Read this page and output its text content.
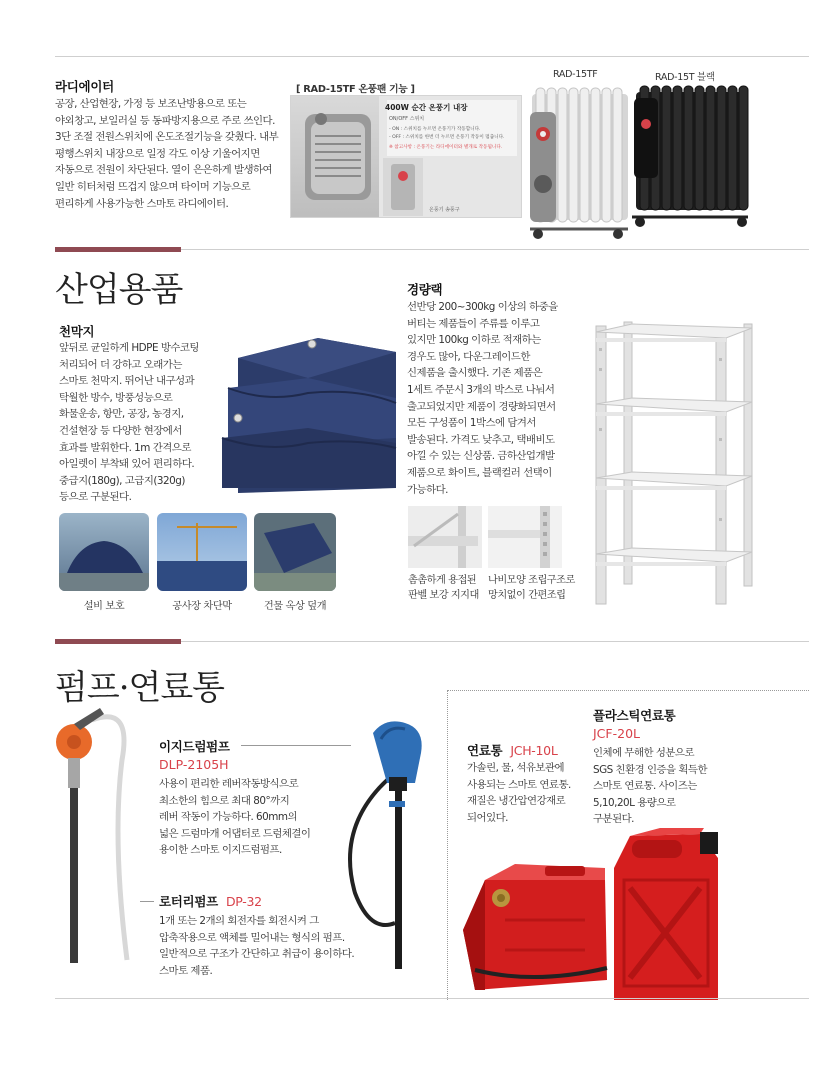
라디에이터
공장, 산업현장, 가정 등 보조난방용으로 또는
야외창고, 보일러실 등 동파방지용으로 주로 쓰인다.
3단 조절 전원스위치에 온도조절기능을 갖췄다. 내부
평행스위치 내장으로 일정 각도 이상 기울어지면
자동으로 전원이 차단된다. 열이 은은하게 발생하여
일반 히터처럼 뜨겁지 않으며 타이머 기능으로
편리하게 사용가능한 스마토 라디에이터.
[ RAD-15TF 온풍팬 기능 ]
400W 순간 온풍기 내장
ON/OFF 스위치
- ON : 스위치를 누르면 온풍기가 작동합니다.
- OFF : 스위치를 한번 더 누르면 온풍기 작동이 멈춥니다.
※ 참고사항 : 온풍기는 라디에이터와 별개로 작동됩니다.
온풍기 송풍구
RAD-15TF	RAD-15T 블랙
산업용품
천막지
앞뒤로 균일하게 HDPE 방수코팅
처리되어 더 강하고 오래가는
스마토 천막지. 뛰어난 내구성과
탁월한 방수, 방풍성능으로
화물운송, 항만, 공장, 농경지,
건설현장 등 다양한 현장에서
효과를 발휘한다. 1m 간격으로
아일렛이 부착돼 있어 편리하다.
중급지(180g), 고급지(320g)
등으로 구분된다.
설비 보호	공사장 차단막	건물 옥상 덮개
경량랙
선반당 200~300kg 이상의 하중을
버티는 제품들이 주류를 이루고
있지만 100kg 이하로 적재하는
경우도 많아, 다운그레이드한
신제품을 출시했다. 기존 제품은
1세트 주문시 3개의 박스로 나눠서
출고되었지만 제품이 경량화되면서
모든 구성품이 1박스에 담겨서
발송된다. 가격도 낮추고, 택배비도
아낄 수 있는 신상품. 금하산업개발
제품으로 화이트, 블랙컬러 선택이
가능하다.
촘촘하게 용접된
판벨 보강 지지대
나비모양 조립구조로
망치없이 간편조립
펌프·연료통
이지드럼펌프
DLP-2105H
사용이 편리한 레버작동방식으로
최소한의 힘으로 최대 80°까지
레버 작동이 가능하다. 60mm의
넓은 드럼마개 어댑터로 드럼체결이
용이한 스마토 이지드럼펌프.
로터리펌프 DP-32
1개 또는 2개의 회전자를 회전시켜 그
압축작용으로 액체를 밀어내는 형식의 펌프.
일반적으로 구조가 간단하고 취급이 용이하다.
스마토 제품.
플라스틱연료통
JCF-20L
인체에 무해한 성분으로
SGS 친환경 인증을 획득한
스마토 연료통. 사이즈는
5,10,20L 용량으로
구분된다.
연료통 JCH-10L
가솔린, 물, 석유보관에
사용되는 스마토 연료통.
재질은 냉간압연강재로
되어있다.
